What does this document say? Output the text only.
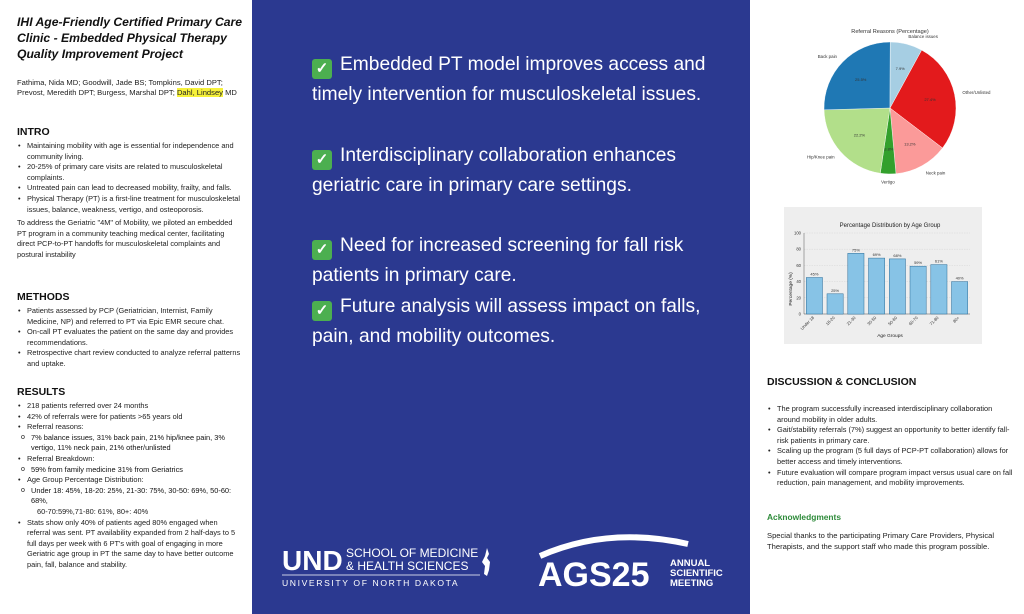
IHI Age-Friendly Certified Primary Care Clinic - Embedded Physical Therapy Quality Improvement Project
Fathima, Nida MD; Goodwill, Jade BS; Tompkins, David DPT; Prevost, Meredith DPT; Burgess, Marshal DPT; Dahl, Lindsey MD
INTRO
• Maintaining mobility with age is essential for independence and community living.
• 20-25% of primary care visits are related to musculoskeletal complaints.
• Untreated pain can lead to decreased mobility, frailty, and falls.
• Physical Therapy (PT) is a first-line treatment for musculoskeletal issues, balance, weakness, vertigo, and osteoporosis.
To address the Geriatric "4M" of Mobility, we piloted an embedded PT program in a community teaching medical center, facilitating direct PCP-to-PT handoffs for musculoskeletal complaints and postural instability
METHODS
• Patients assessed by PCP (Geriatrician, Internist, Family Medicine, NP) and referred to PT via Epic EMR secure chat.
• On-call PT evaluates the patient on the same day and provides recommendations.
• Retrospective chart review conducted to analyze referral patterns and uptake.
RESULTS
• 218 patients referred over 24 months
• 42% of referrals were for patients >65 years old
• Referral reasons:
o 7% balance issues, 31% back pain, 21% hip/knee pain, 3% vertigo, 11% neck pain, 21% other/unlisted
• Referral Breakdown:
o 59% from family medicine 31% from Geriatrics
• Age Group Percentage Distribution:
o Under 18: 45%, 18-20: 25%, 21-30: 75%, 30-50: 69%, 50-60: 68%,
60-70:59%,71-80: 61%, 80+: 40%
• Stats show only 40% of patients aged 80% engaged when referral was sent. PT availability expanded from 2 half-days to 5 full days per week with 6 PT's with goal of engaging in more Geriatric age group in PT the same day to have better outcome pain, fall, balance and stability.
✓ Embedded PT model improves access and timely intervention for musculoskeletal issues.
✓ Interdisciplinary collaboration enhances geriatric care in primary care settings.
✓ Need for increased screening for fall risk patients in primary care.
✓ Future analysis will assess impact on falls, pain, and mobility outcomes.
UND SCHOOL OF MEDICINE
& HEALTH SCIENCES
UNIVERSITY OF NORTH DAKOTA AGS25 ANNUAL
SCIENTIFIC
MEETING
Referral Reasons (Percentage)
27.4%
Other/Unlisted
13.2%
Neck pain
3.8%
Vertigo
22.2%
Hip/Knee pain
25.5%
Back pain
7.9%
Balance issues
Percentage Distribution by Age Group
Age Groups
Percentage (%)
0
20
40
60
80
100
45%
Under 18
25%
18-20
75%
21-30
69%
30-50
68%
50-60
59%
60-70
61%
71-80
40%
80+
DISCUSSION & CONCLUSION
• The program successfully increased interdisciplinary collaboration around mobility in older adults.
• Gait/stability referrals (7%) suggest an opportunity to better identify fall-risk patients in primary care.
• Scaling up the program (5 full days of PCP-PT collaboration) allows for better access and timely interventions.
• Future evaluation will compare program impact versus usual care on fall reduction, pain management, and mobility improvements.
Acknowledgments
Special thanks to the participating Primary Care Providers, Physical Therapists, and the support staff who made this program possible.
